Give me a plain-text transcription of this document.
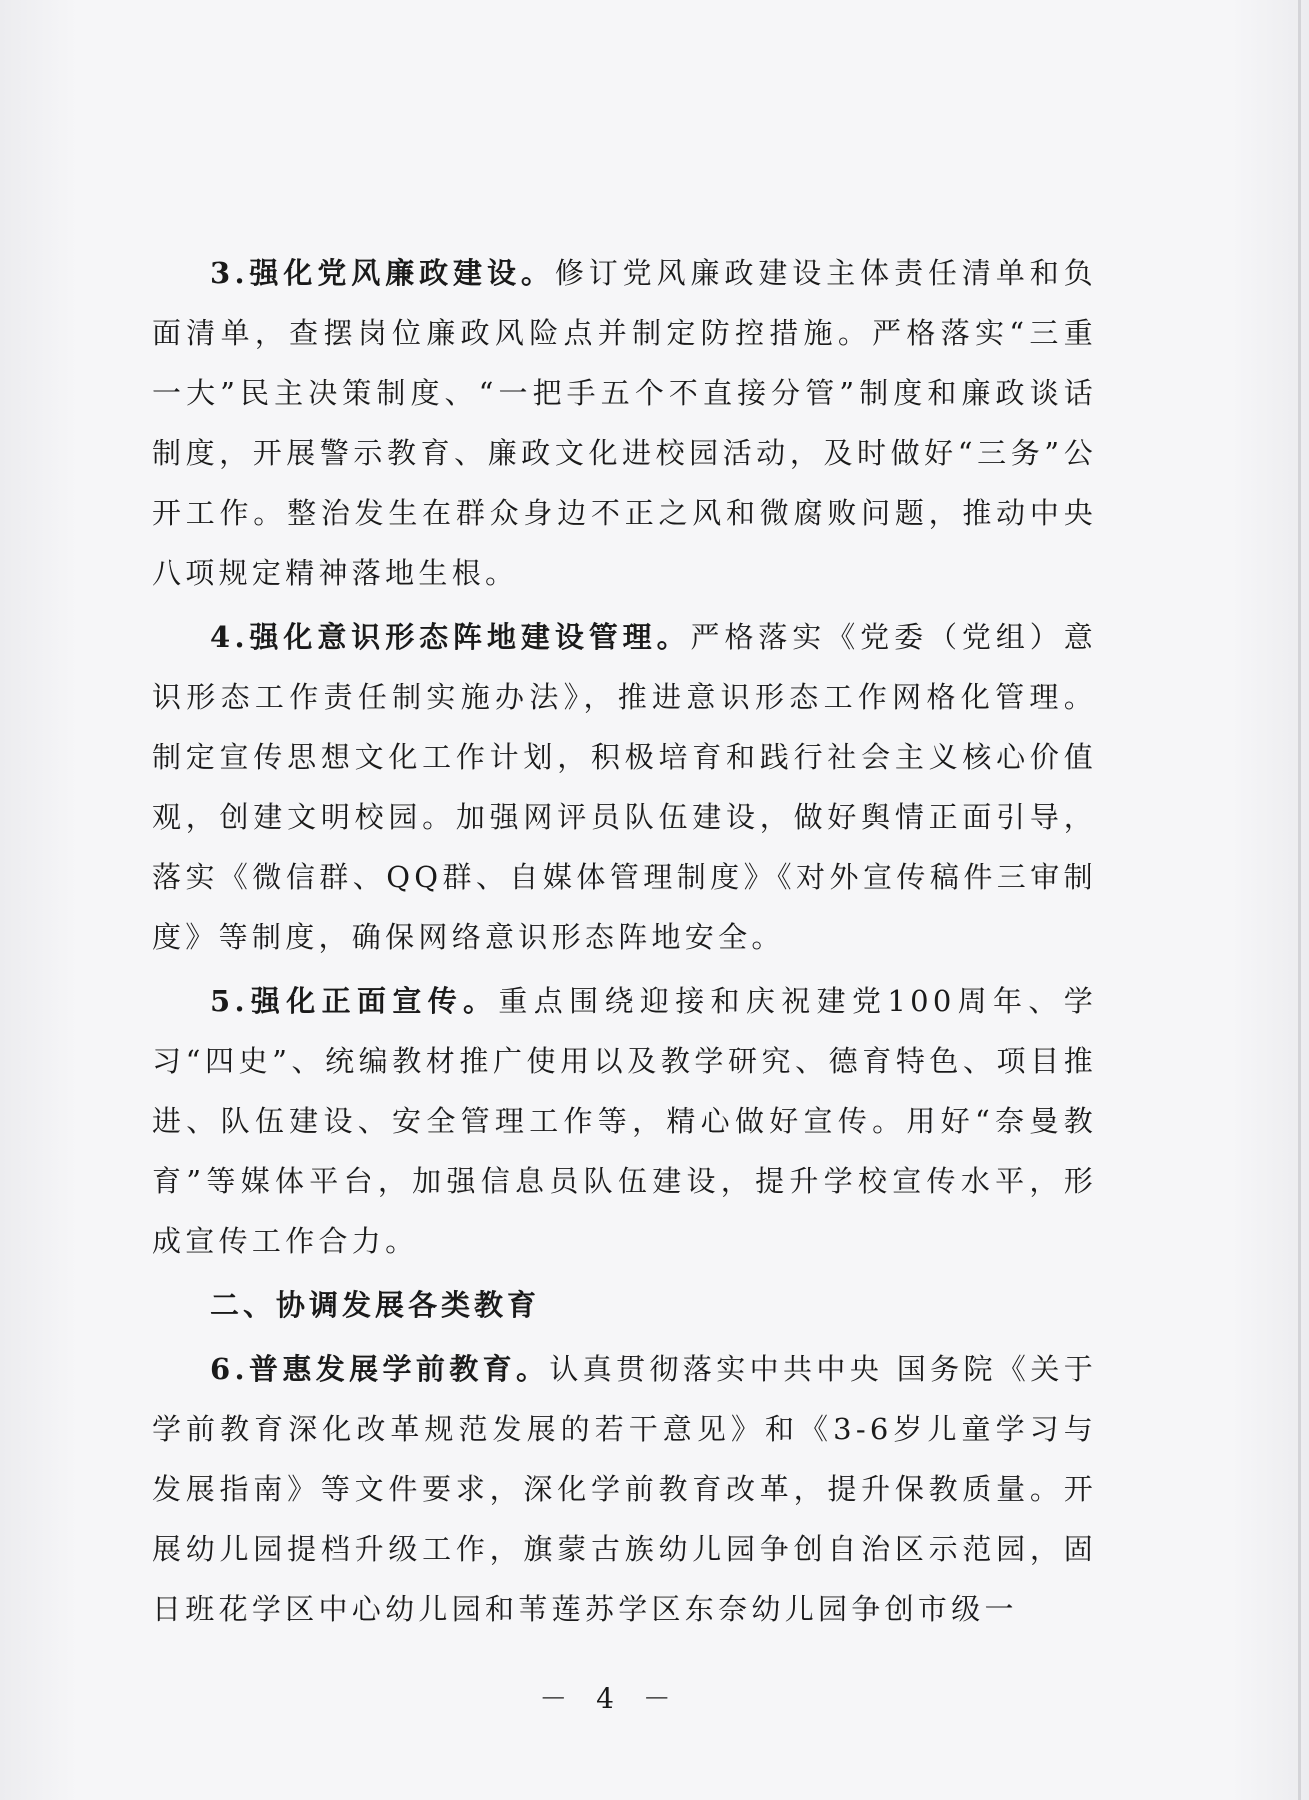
3.强化党风廉政建设。修订党风廉政建设主体责任清单和负面清单，查摆岗位廉政风险点并制定防控措施。严格落实“三重一大”民主决策制度、“一把手五个不直接分管”制度和廉政谈话制度，开展警示教育、廉政文化进校园活动，及时做好“三务”公开工作。整治发生在群众身边不正之风和微腐败问题，推动中央八项规定精神落地生根。

4.强化意识形态阵地建设管理。严格落实《党委（党组）意识形态工作责任制实施办法》，推进意识形态工作网格化管理。制定宣传思想文化工作计划，积极培育和践行社会主义核心价值观，创建文明校园。加强网评员队伍建设，做好舆情正面引导，落实《微信群、QQ群、自媒体管理制度》《对外宣传稿件三审制度》等制度，确保网络意识形态阵地安全。

5.强化正面宣传。重点围绕迎接和庆祝建党100周年、学习“四史”、统编教材推广使用以及教学研究、德育特色、项目推进、队伍建设、安全管理工作等，精心做好宣传。用好“奈曼教育”等媒体平台，加强信息员队伍建设，提升学校宣传水平，形成宣传工作合力。

二、协调发展各类教育

6.普惠发展学前教育。认真贯彻落实中共中央 国务院《关于学前教育深化改革规范发展的若干意见》和《3-6岁儿童学习与发展指南》等文件要求，深化学前教育改革，提升保教质量。开展幼儿园提档升级工作，旗蒙古族幼儿园争创自治区示范园，固日班花学区中心幼儿园和苇莲苏学区东奈幼儿园争创市级一

－ 4 －
